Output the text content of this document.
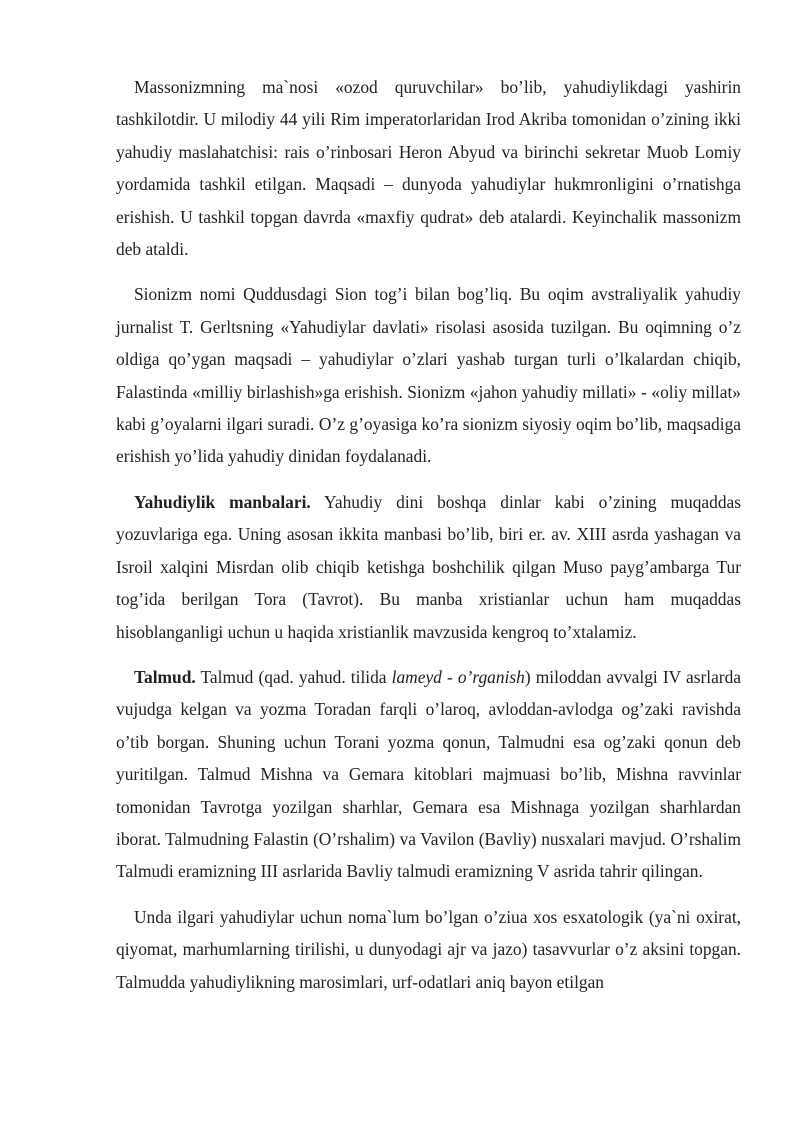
Massonizmning ma`nosi «ozod quruvchilar» bo’lib, yahudiylikdagi yashirin tashkilotdir. U milodiy 44 yili Rim imperatorlaridan Irod Akriba tomonidan o’zining ikki yahudiy maslahatchisi: rais o’rinbosari Heron Abyud va birinchi sekretar Muob Lomiy yordamida tashkil etilgan. Maqsadi – dunyoda yahudiylar hukmronligini o’rnatishga erishish. U tashkil topgan davrda «maxfiy qudrat» deb atalardi. Keyinchalik massonizm deb ataldi.

Sionizm nomi Quddusdagi Sion tog’i bilan bog’liq. Bu oqim avstraliyalik yahudiy jurnalist T. Gerltsning «Yahudiylar davlati» risolasi asosida tuzilgan. Bu oqimning o’z oldiga qo’ygan maqsadi – yahudiylar o’zlari yashab turgan turli o’lkalardan chiqib, Falastinda «milliy birlashish»ga erishish. Sionizm «jahon yahudiy millati» - «oliy millat» kabi g’oyalarni ilgari suradi. O’z g’oyasiga ko’ra sionizm siyosiy oqim bo’lib, maqsadiga erishish yo’lida yahudiy dinidan foydalanadi.

Yahudiylik manbalari. Yahudiy dini boshqa dinlar kabi o’zining muqaddas yozuvlariga ega. Uning asosan ikkita manbasi bo’lib, biri er. av. XIII asrda yashagan va Isroil xalqini Misrdan olib chiqib ketishga boshchilik qilgan Muso payg’ambarga Tur tog’ida berilgan Tora (Tavrot). Bu manba xristianlar uchun ham muqaddas hisoblanganligi uchun u haqida xristianlik mavzusida kengroq to’xtalamiz.

Talmud. Talmud (qad. yahud. tilida lameyd - o’rganish) miloddan avvalgi IV asrlarda vujudga kelgan va yozma Toradan farqli o’laroq, avloddan-avlodga og’zaki ravishda o’tib borgan. Shuning uchun Torani yozma qonun, Talmudni esa og’zaki qonun deb yuritilgan. Talmud Mishna va Gemara kitoblari majmuasi bo’lib, Mishna ravvinlar tomonidan Tavrotga yozilgan sharhlar, Gemara esa Mishnaga yozilgan sharhlardan iborat. Talmudning Falastin (O’rshalim) va Vavilon (Bavliy) nusxalari mavjud. O’rshalim Talmudi eramizning III asrlarida Bavliy talmudi eramizning V asrida tahrir qilingan.

Unda ilgari yahudiylar uchun noma`lum bo’lgan o’ziua xos esxatologik (ya`ni oxirat, qiyomat, marhumlarning tirilishi, u dunyodagi ajr va jazo) tasavvurlar o’z aksini topgan. Talmudda yahudiylikning marosimlari, urf-odatlari aniq bayon etilgan
